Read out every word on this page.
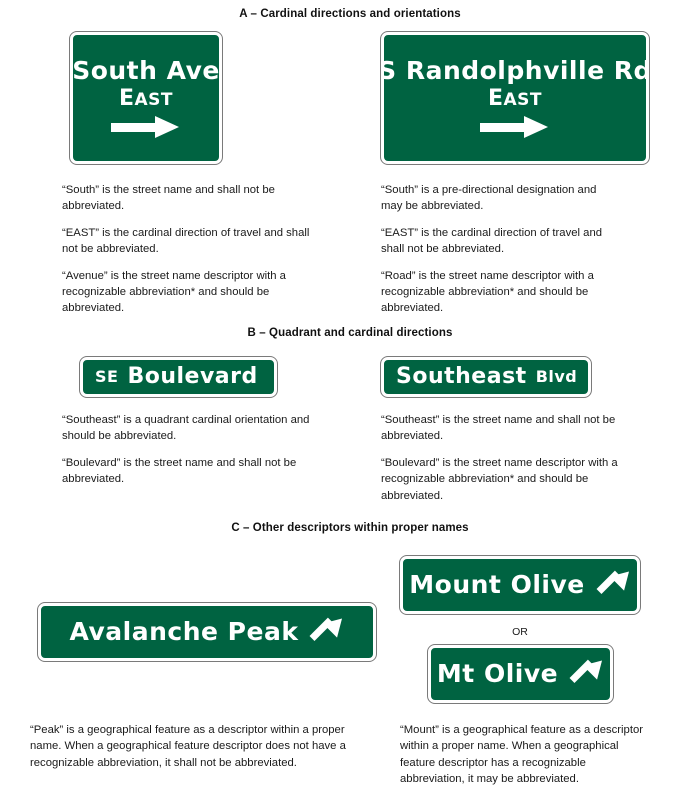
A – Cardinal directions and orientations
South Ave
EAST
S Randolphville Rd
EAST

“South” is the street name and shall not be abbreviated.

“EAST” is the cardinal direction of travel and shall not be abbreviated.

“Avenue” is the street name descriptor with a recognizable abbreviation* and should be abbreviated.

“South” is a pre-directional designation and may be abbreviated.

“EAST” is the cardinal direction of travel and shall not be abbreviated.

“Road” is the street name descriptor with a recognizable abbreviation* and should be abbreviated.

B – Quadrant and cardinal directions
SE Boulevard	Southeast Blvd

“Southeast” is a quadrant cardinal orientation and should be abbreviated.

“Boulevard” is the street name and shall not be abbreviated.

“Southeast” is the street name and shall not be abbreviated.

“Boulevard” is the street name descriptor with a recognizable abbreviation* and should be abbreviated.

C – Other descriptors within proper names
Mount Olive
OR
Mt Olive
Avalanche Peak

“Peak” is a geographical feature as a descriptor within a proper name. When a geographical feature descriptor does not have a recognizable abbreviation, it shall not be abbreviated.

“Mount” is a geographical feature as a descriptor within a proper name. When a geographical feature descriptor has a recognizable abbreviation, it may be abbreviated.
